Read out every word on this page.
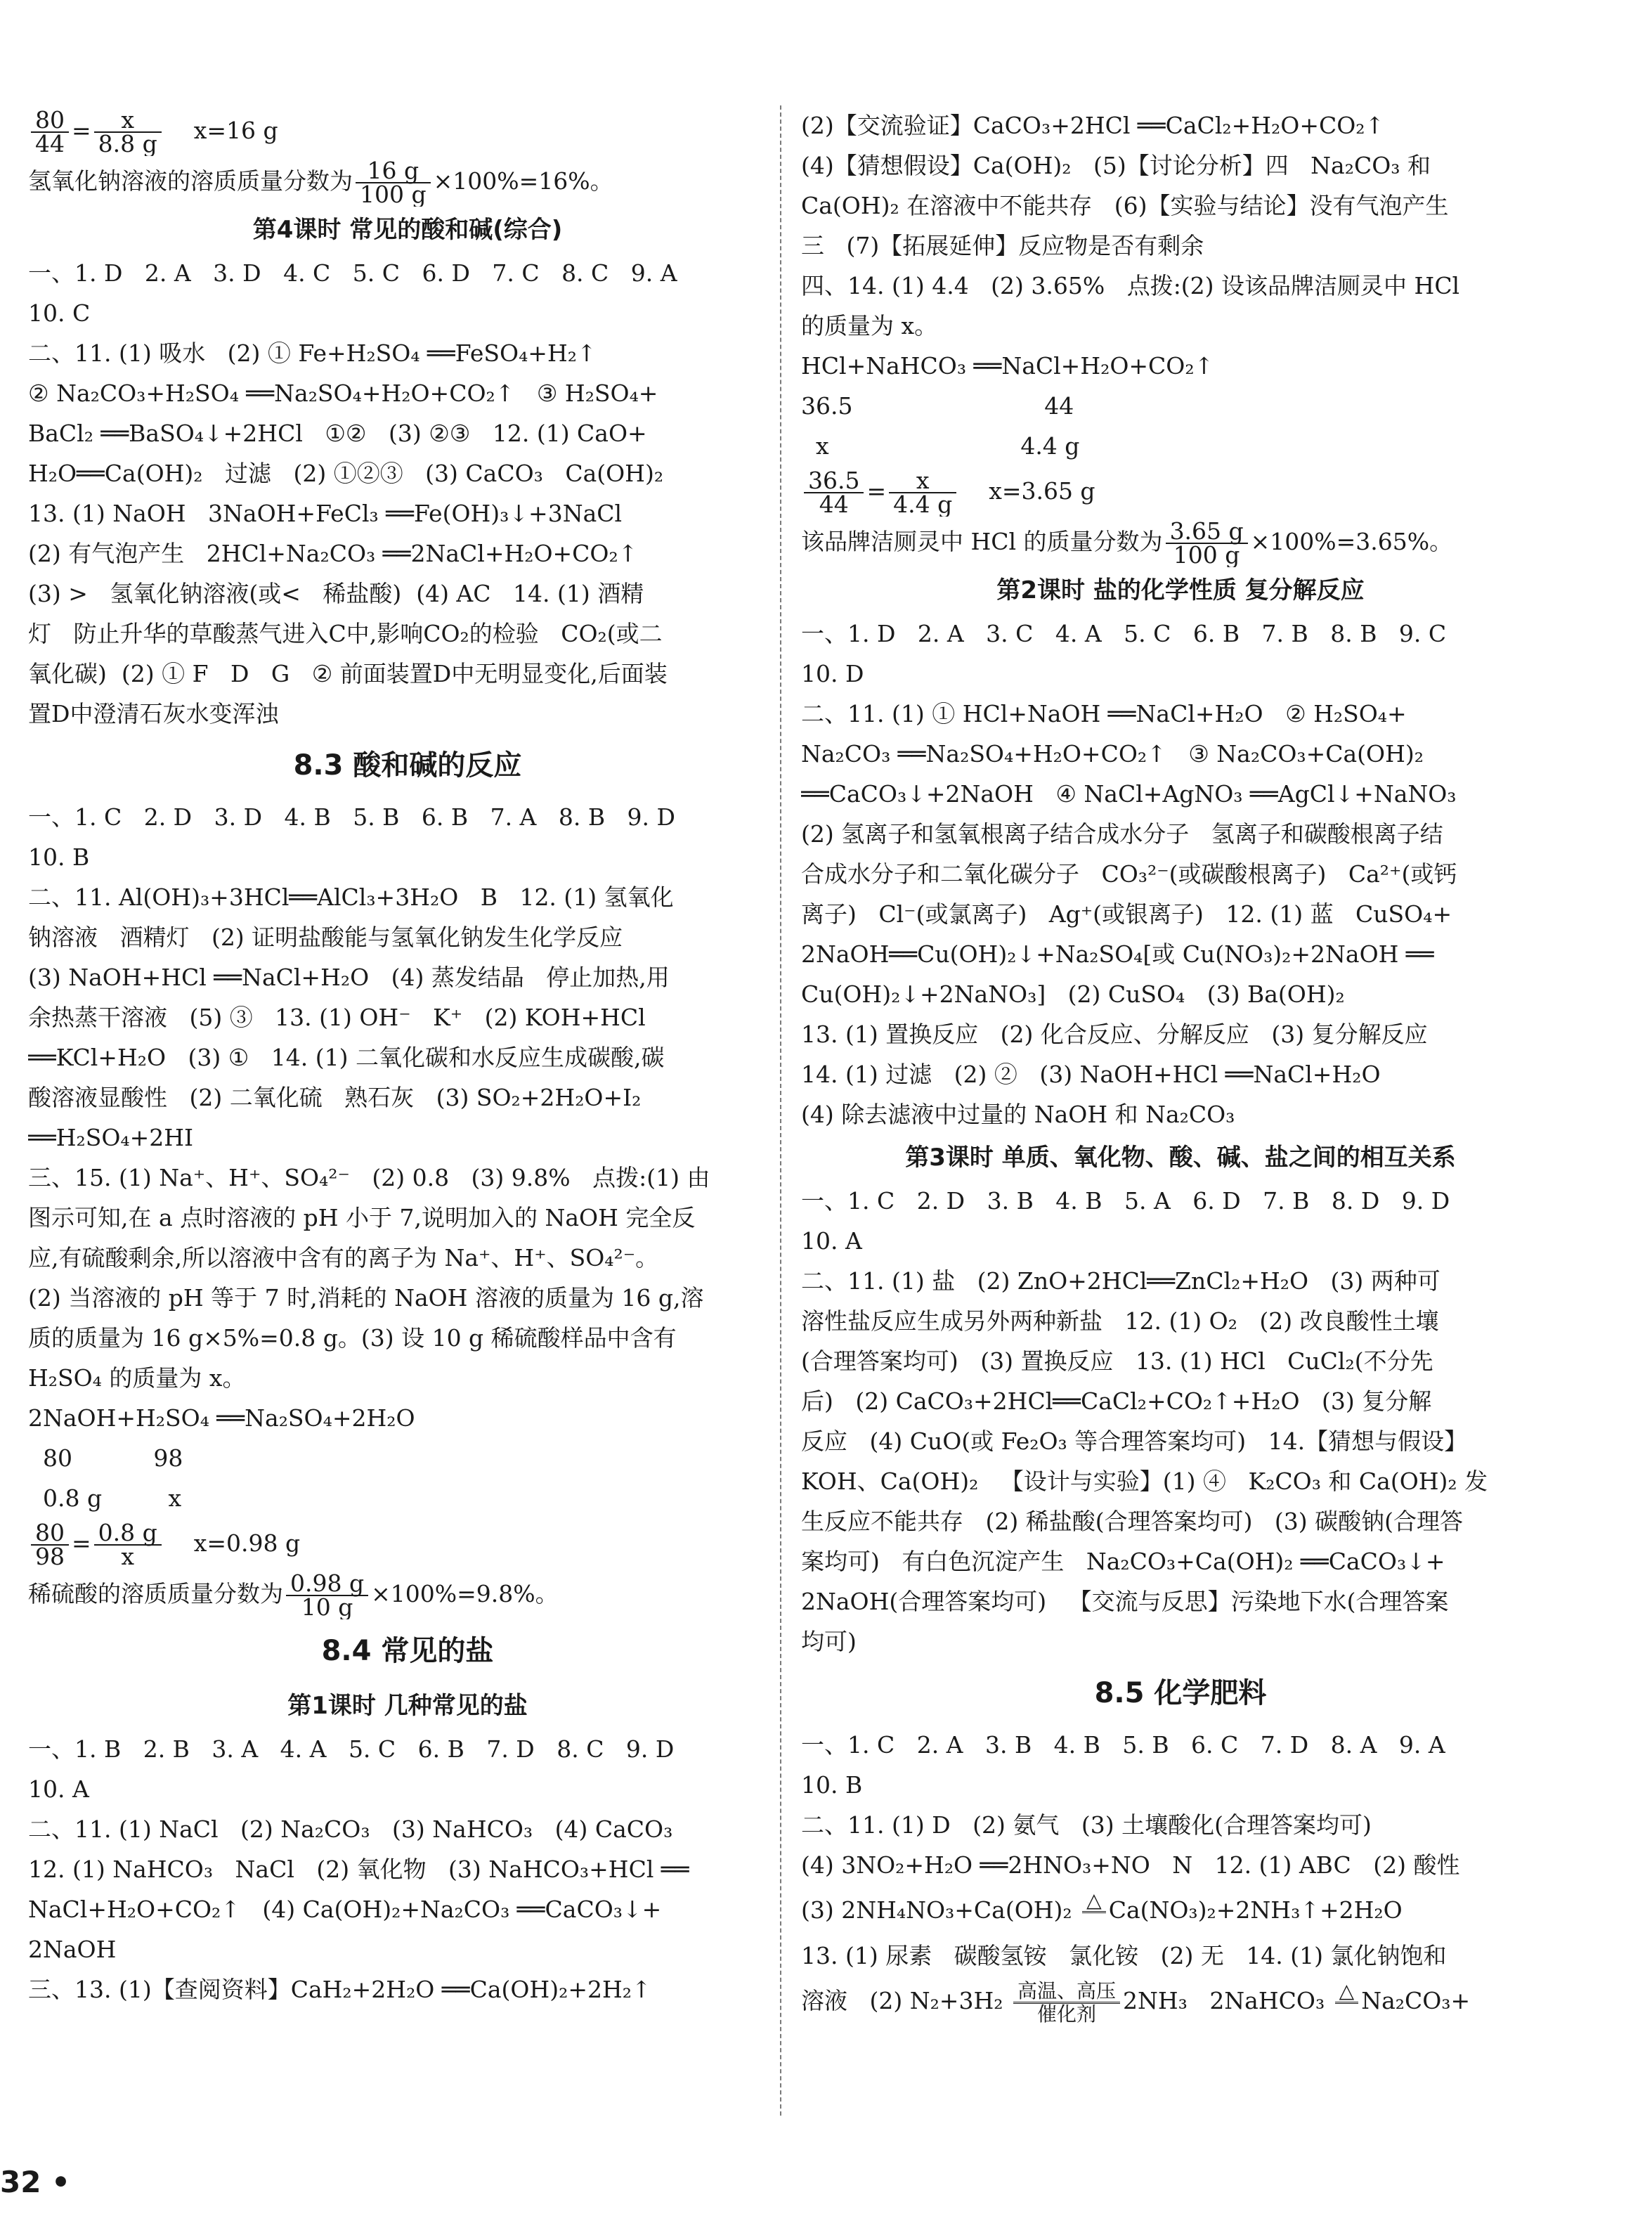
$\frac{80}{44} = \frac{x}{8.8 g} x=16$ g
氢氧化钠溶液的溶质质量分数为 $\frac{16 g}{100 g} \times 100\%=16\%$。
第4课时 常见的酸和碱(综合)
一、1. D   2. A   3. D   4. C   5. C   6. D   7. C   8. C   9. A
10. C
二、11. (1) 吸水   (2) ① Fe+H₂SO₄ ══FeSO₄+H₂↑
② Na₂CO₃+H₂SO₄ ══Na₂SO₄+H₂O+CO₂↑   ③ H₂SO₄+
BaCl₂ ══BaSO₄↓+2HCl   ①②   (3) ②③   12. (1) CaO+
H₂O══Ca(OH)₂   过滤   (2) ①②③   (3) CaCO₃   Ca(OH)₂
13. (1) NaOH   3NaOH+FeCl₃ ══Fe(OH)₃↓+3NaCl
(2) 有气泡产生   2HCl+Na₂CO₃ ══2NaCl+H₂O+CO₂↑
(3) >   氢氧化钠溶液(或<   稀盐酸)  (4) AC   14. (1) 酒精
灯   防止升华的草酸蒸气进入C中,影响CO₂的检验   CO₂(或二
氧化碳)  (2) ① F   D   G   ② 前面装置D中无明显变化,后面装
置D中澄清石灰水变浑浊
8.3 酸和碱的反应
一、1. C   2. D   3. D   4. B   5. B   6. B   7. A   8. B   9. D
10. B
二、11. Al(OH)₃+3HCl══AlCl₃+3H₂O   B   12. (1) 氢氧化
钠溶液   酒精灯   (2) 证明盐酸能与氢氧化钠发生化学反应
(3) NaOH+HCl ══NaCl+H₂O   (4) 蒸发结晶   停止加热,用
余热蒸干溶液   (5) ③   13. (1) OH⁻   K⁺   (2) KOH+HCl
══KCl+H₂O   (3) ①   14. (1) 二氧化碳和水反应生成碳酸,碳
酸溶液显酸性   (2) 二氧化硫   熟石灰   (3) SO₂+2H₂O+I₂
══H₂SO₄+2HI
三、15. (1) Na⁺、H⁺、SO₄²⁻   (2) 0.8   (3) 9.8%   点拨:(1) 由
图示可知,在 a 点时溶液的 pH 小于 7,说明加入的 NaOH 完全反
应,有硫酸剩余,所以溶液中含有的离子为 Na⁺、H⁺、SO₄²⁻。
(2) 当溶液的 pH 等于 7 时,消耗的 NaOH 溶液的质量为 16 g,溶
质的质量为 16 g×5%=0.8 g。(3) 设 10 g 稀硫酸样品中含有
H₂SO₄ 的质量为 x。
2NaOH+H₂SO₄ ══Na₂SO₄+2H₂O
80           98
0.8 g         x
$\frac{80}{98} = \frac{0.8 g}{x} x=0.98$ g
稀硫酸的溶质质量分数为 $\frac{0.98 g}{10 g} \times 100\%=9.8\%$。
8.4 常见的盐
第1课时 几种常见的盐
一、1. B   2. B   3. A   4. A   5. C   6. B   7. D   8. C   9. D
10. A
二、11. (1) NaCl   (2) Na₂CO₃   (3) NaHCO₃   (4) CaCO₃
12. (1) NaHCO₃   NaCl   (2) 氧化物   (3) NaHCO₃+HCl ══
NaCl+H₂O+CO₂↑   (4) Ca(OH)₂+Na₂CO₃ ══CaCO₃↓+
2NaOH
三、13. (1)【查阅资料】CaH₂+2H₂O ══Ca(OH)₂+2H₂↑
(2)【交流验证】CaCO₃+2HCl ══CaCl₂+H₂O+CO₂↑
(4)【猜想假设】Ca(OH)₂   (5)【讨论分析】四   Na₂CO₃ 和
Ca(OH)₂ 在溶液中不能共存   (6)【实验与结论】没有气泡产生
三   (7)【拓展延伸】反应物是否有剩余
四、14. (1) 4.4   (2) 3.65%   点拨:(2) 设该品牌洁厕灵中 HCl
的质量为 x。
HCl+NaHCO₃ ══NaCl+H₂O+CO₂↑
36.5                          44
x                          4.4 g
$\frac{36.5}{44} = \frac{x}{4.4 g} x=3.65$ g
该品牌洁厕灵中 HCl 的质量分数为 $\frac{3.65 g}{100 g} \times 100\%=3.65\%$。
第2课时 盐的化学性质 复分解反应
一、1. D   2. A   3. C   4. A   5. C   6. B   7. B   8. B   9. C
10. D
二、11. (1) ① HCl+NaOH ══NaCl+H₂O   ② H₂SO₄+
Na₂CO₃ ══Na₂SO₄+H₂O+CO₂↑   ③ Na₂CO₃+Ca(OH)₂
══CaCO₃↓+2NaOH   ④ NaCl+AgNO₃ ══AgCl↓+NaNO₃
(2) 氢离子和氢氧根离子结合成水分子   氢离子和碳酸根离子结
合成水分子和二氧化碳分子   CO₃²⁻(或碳酸根离子)   Ca²⁺(或钙
离子)   Cl⁻(或氯离子)   Ag⁺(或银离子)   12. (1) 蓝   CuSO₄+
2NaOH══Cu(OH)₂↓+Na₂SO₄[或 Cu(NO₃)₂+2NaOH ══
Cu(OH)₂↓+2NaNO₃]   (2) CuSO₄   (3) Ba(OH)₂
13. (1) 置换反应   (2) 化合反应、分解反应   (3) 复分解反应
14. (1) 过滤   (2) ②   (3) NaOH+HCl ══NaCl+H₂O
(4) 除去滤液中过量的 NaOH 和 Na₂CO₃
第3课时 单质、氧化物、酸、碱、盐之间的相互关系
一、1. C   2. D   3. B   4. B   5. A   6. D   7. B   8. D   9. D
10. A
二、11. (1) 盐   (2) ZnO+2HCl══ZnCl₂+H₂O   (3) 两种可
溶性盐反应生成另外两种新盐   12. (1) O₂   (2) 改良酸性土壤
(合理答案均可)   (3) 置换反应   13. (1) HCl   CuCl₂(不分先
后)   (2) CaCO₃+2HCl══CaCl₂+CO₂↑+H₂O   (3) 复分解
反应   (4) CuO(或 Fe₂O₃ 等合理答案均可)   14.【猜想与假设】
KOH、Ca(OH)₂   【设计与实验】(1) ④   K₂CO₃ 和 Ca(OH)₂ 发
生反应不能共存   (2) 稀盐酸(合理答案均可)   (3) 碳酸钠(合理答
案均可)   有白色沉淀产生   Na₂CO₃+Ca(OH)₂ ══CaCO₃↓+
2NaOH(合理答案均可)   【交流与反思】污染地下水(合理答案
均可)
8.5 化学肥料
一、1. C   2. A   3. B   4. B   5. B   6. C   7. D   8. A   9. A
10. B
二、11. (1) D   (2) 氨气   (3) 土壤酸化(合理答案均可)
(4) 3NO₂+H₂O ══2HNO₃+NO   N   12. (1) ABC   (2) 酸性
(3) 2NH₄NO₃+Ca(OH)₂ △
Ca(NO₃)₂+2NH₃↑+2H₂O
13. (1) 尿素   碳酸氢铵   氯化铵   (2) 无   14. (1) 氯化钠饱和
溶液   (2) N₂+3H₂ 高温、高压
催化剂	2NH₃   2NaHCO₃ △
Na₂CO₃+
32 •
